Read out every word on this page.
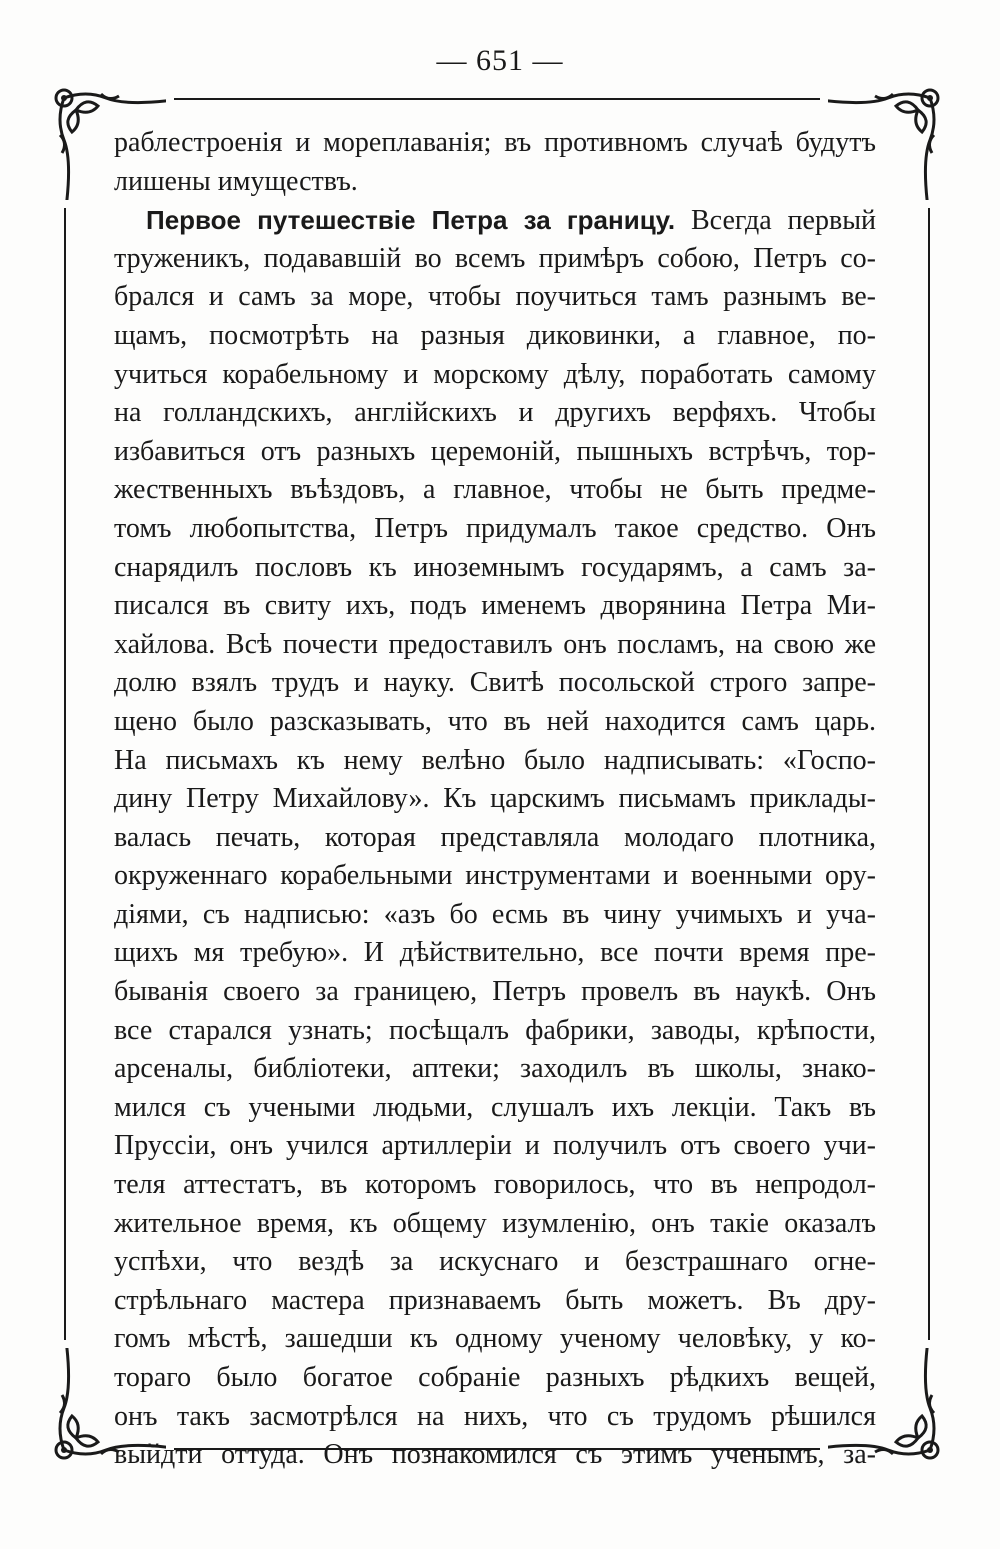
— 651 —
раблестроенія и мореплаванія; въ противномъ случаѣ будутъ
лишены имуществъ.
Первое путешествіе Петра за границу. Всегда первый
труженикъ, подававшій во всемъ примѣръ собою, Петръ со-
брался и самъ за море, чтобы поучиться тамъ разнымъ ве-
щамъ, посмотрѣть на разныя диковинки, а главное, по-
учиться корабельному и морскому дѣлу, поработать самому
на голландскихъ, англійскихъ и другихъ верфяхъ. Чтобы
избавиться отъ разныхъ церемоній, пышныхъ встрѣчъ, тор-
жественныхъ въѣздовъ, а главное, чтобы не быть предме-
томъ любопытства, Петръ придумалъ такое средство. Онъ
снарядилъ пословъ къ иноземнымъ государямъ, а самъ за-
писался въ свиту ихъ, подъ именемъ дворянина Петра Ми-
хайлова. Всѣ почести предоставилъ онъ посламъ, на свою же
долю взялъ трудъ и науку. Свитѣ посольской строго запре-
щено было разсказывать, что въ ней находится самъ царь.
На письмахъ къ нему велѣно было надписывать: «Госпо-
дину Петру Михайлову». Къ царскимъ письмамъ приклады-
валась печать, которая представляла молодаго плотника,
окруженнаго корабельными инструментами и военными ору-
діями, съ надписью: «азъ бо есмь въ чину учимыхъ и уча-
щихъ мя требую». И дѣйствительно, все почти время пре-
быванія своего за границею, Петръ провелъ въ наукѣ. Онъ
все старался узнать; посѣщалъ фабрики, заводы, крѣпости,
арсеналы, библіотеки, аптеки; заходилъ въ школы, знако-
мился съ учеными людьми, слушалъ ихъ лекціи. Такъ въ
Пруссіи, онъ учился артиллеріи и получилъ отъ своего учи-
теля аттестатъ, въ которомъ говорилось, что въ непродол-
жительное время, къ общему изумленію, онъ такіе оказалъ
успѣхи, что вездѣ за искуснаго и безстрашнаго огне-
стрѣльнаго мастера признаваемъ быть можетъ. Въ дру-
гомъ мѣстѣ, зашедши къ одному ученому человѣку, у ко-
тораго было богатое собраніе разныхъ рѣдкихъ вещей,
онъ такъ засмотрѣлся на нихъ, что съ трудомъ рѣшился
выйдти оттуда. Онъ познакомился съ этимъ ученымъ, за-
